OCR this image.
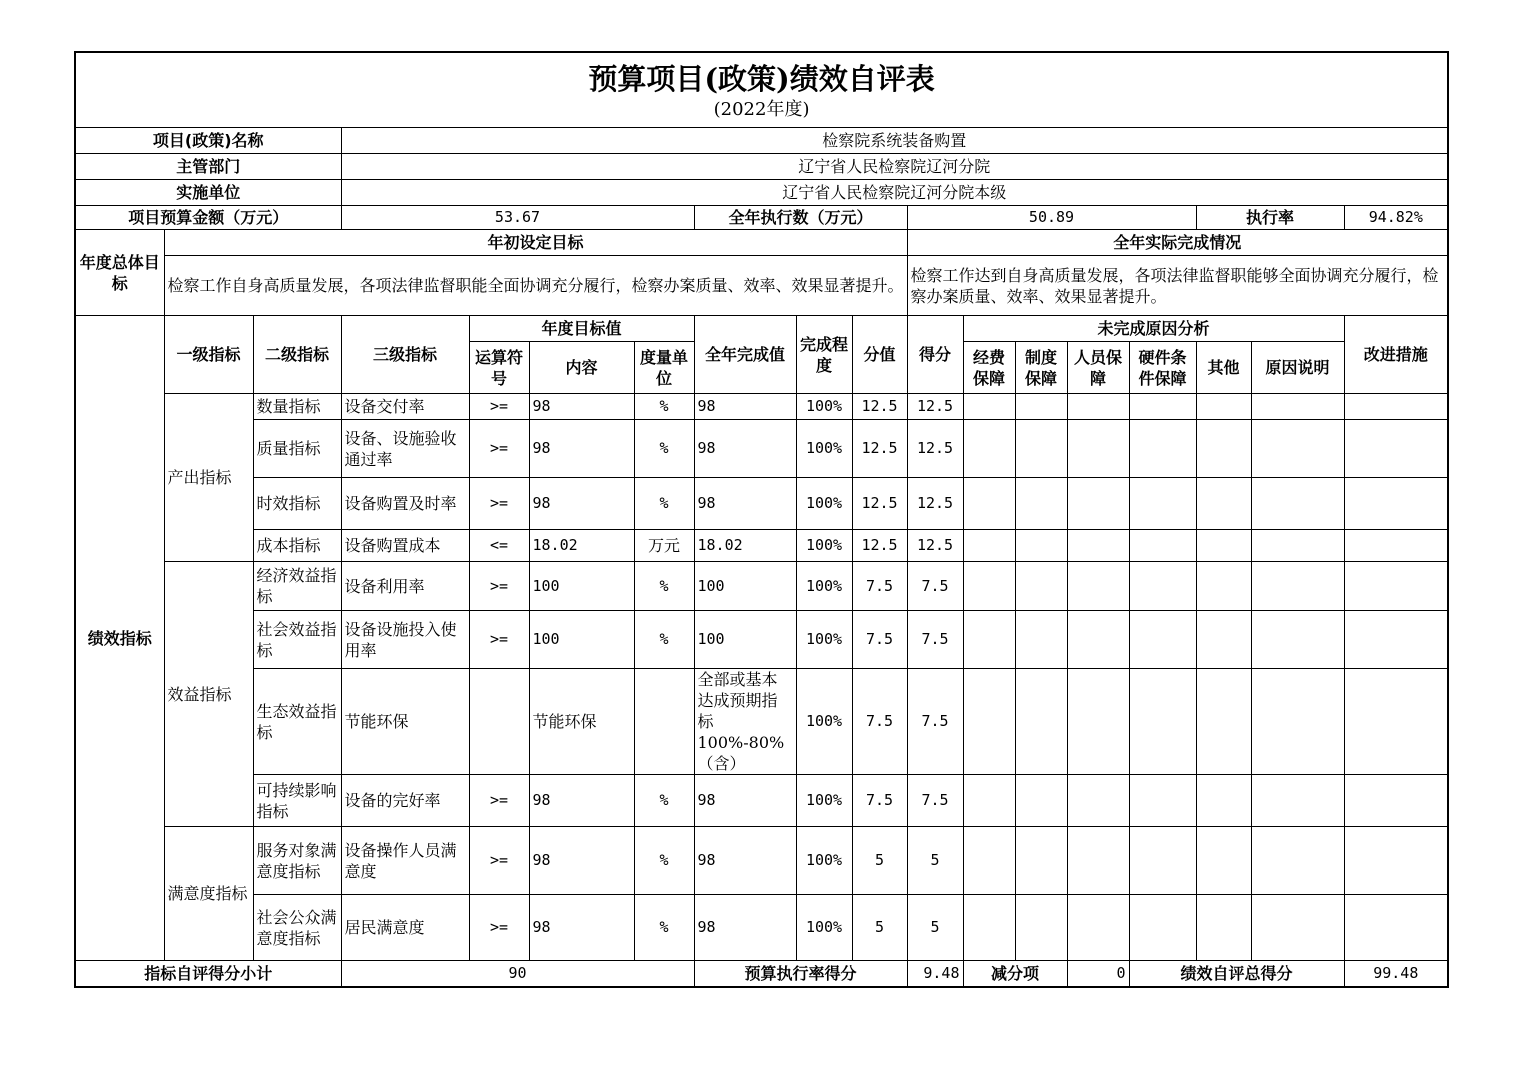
预算项目(政策)绩效自评表
(2022年度)																	

项目(政策)名称			检察院系统装备购置														
主管部门			辽宁省人民检察院辽河分院														
实施单位			辽宁省人民检察院辽河分院本级														
项目预算金额（万元）			53.67				全年执行数（万元）			50.89					执行率		94.82%
年度总体目标	年初设定目标									全年实际完成情况							
	检察工作自身高质量发展，各项法律监督职能全面协调充分履行，检察办案质量、效率、效果显著提升。									检察工作达到自身高质量发展，各项法律监督职能够全面协调充分履行，检察办案质量、效率、效果显著提升。							
绩效指标	一级指标	二级指标	三级指标	年度目标值			全年完成值	完成程度	分值	得分	未完成原因分析						改进措施
				运算符号	内容	度量单位					经费保障	制度保障	人员保障	硬件条件保障	其他	原因说明	
	产出指标	数量指标	设备交付率	>=	98	%	98	100%	12.5	12.5							
		质量指标	设备、设施验收通过率	>=	98	%	98	100%	12.5	12.5							
		时效指标	设备购置及时率	>=	98	%	98	100%	12.5	12.5							
		成本指标	设备购置成本	<=	18.02	万元	18.02	100%	12.5	12.5							
	效益指标	经济效益指标	设备利用率	>=	100	%	100	100%	7.5	7.5							
		社会效益指标	设备设施投入使用率	>=	100	%	100	100%	7.5	7.5							
		生态效益指标	节能环保		节能环保		全部或基本达成预期指标100%-80%（含）	100%	7.5	7.5							
		可持续影响指标	设备的完好率	>=	98	%	98	100%	7.5	7.5							
	满意度指标	服务对象满意度指标	设备操作人员满意度	>=	98	%	98	100%	5	5							
		社会公众满意度指标	居民满意度	>=	98	%	98	100%	5	5							
指标自评得分小计			90				预算执行率得分			9.48	减分项		0	绩效自评总得分			99.48
